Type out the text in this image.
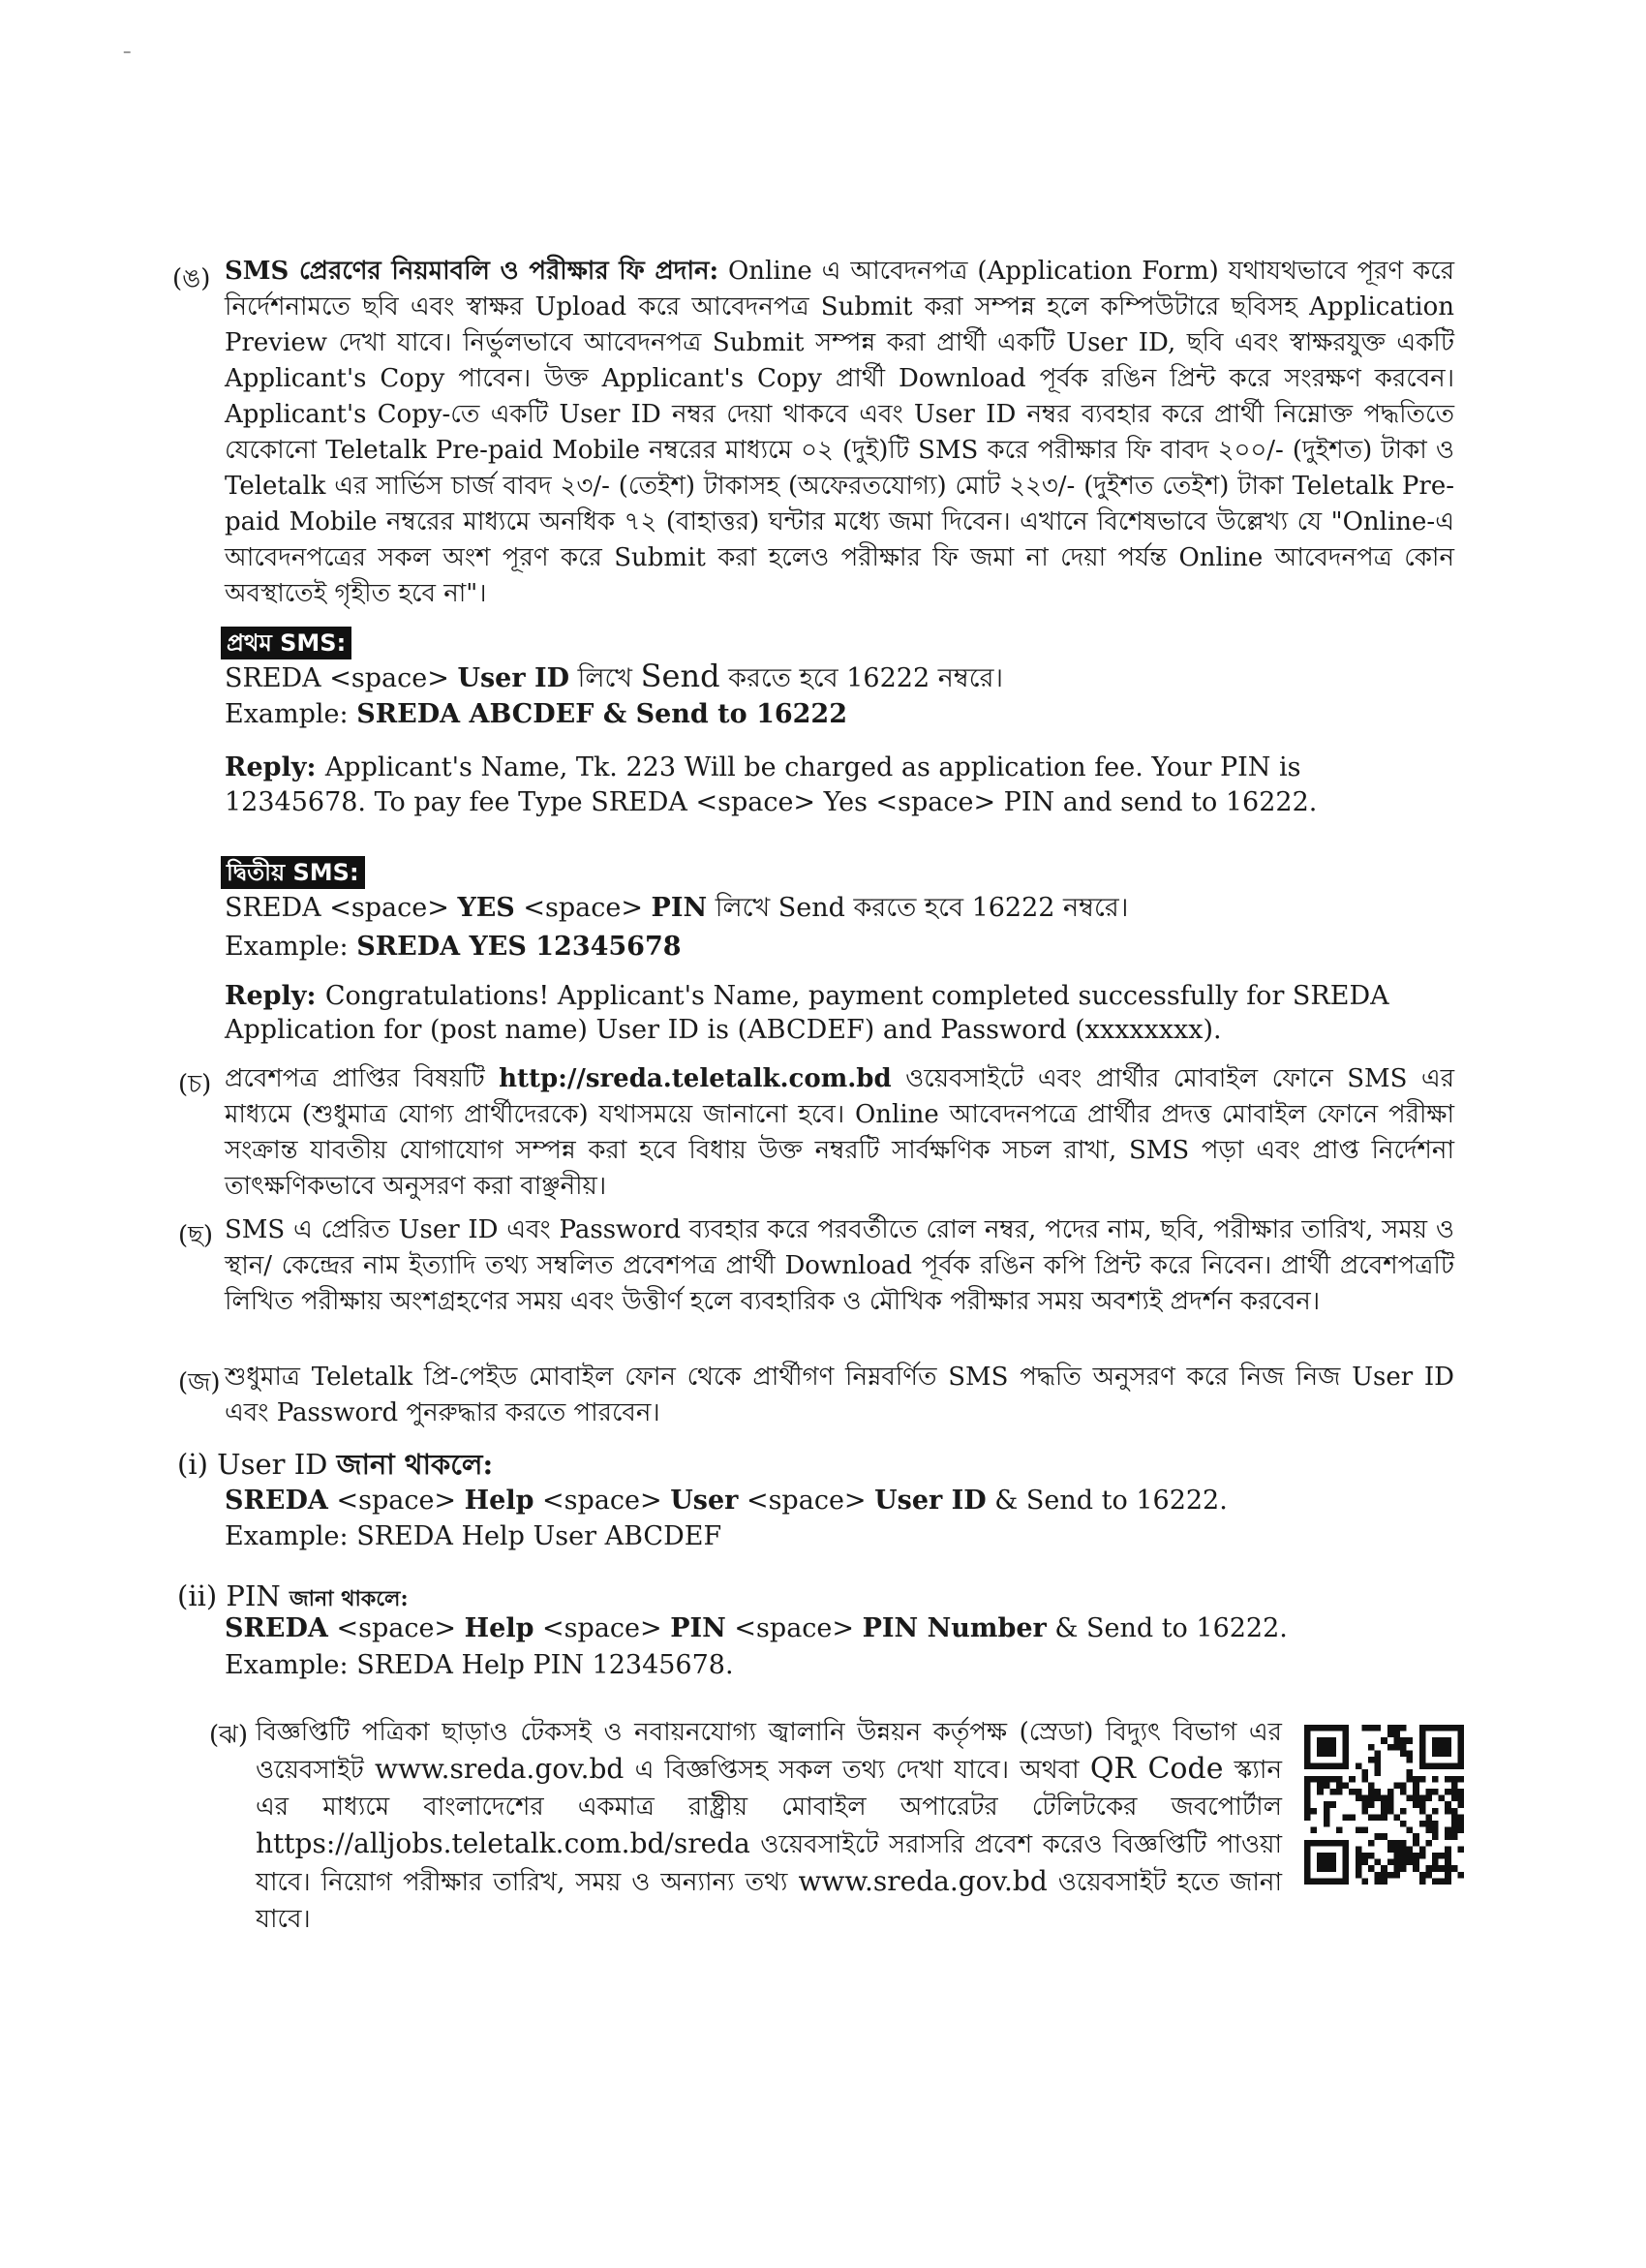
ـ
(ঙ) SMS প্রেরণের নিয়মাবলি ও পরীক্ষার ফি প্রদান: Online এ আবেদনপত্র (Application Form) যথাযথভাবে পূরণ করে নির্দেশনামতে ছবি এবং স্বাক্ষর Upload করে আবেদনপত্র Submit করা সম্পন্ন হলে কম্পিউটারে ছবিসহ Application Preview দেখা যাবে। নির্ভুলভাবে আবেদনপত্র Submit সম্পন্ন করা প্রার্থী একটি User ID, ছবি এবং স্বাক্ষরযুক্ত একটি Applicant's Copy পাবেন। উক্ত Applicant's Copy প্রার্থী Download পূর্বক রঙিন প্রিন্ট করে সংরক্ষণ করবেন। Applicant's Copy-তে একটি User ID নম্বর দেয়া থাকবে এবং User ID নম্বর ব্যবহার করে প্রার্থী নিম্নোক্ত পদ্ধতিতে যেকোনো Teletalk Pre-paid Mobile নম্বরের মাধ্যমে ০২ (দুই)টি SMS করে পরীক্ষার ফি বাবদ ২০০/- (দুইশত) টাকা ও Teletalk এর সার্ভিস চার্জ বাবদ ২৩/- (তেইশ) টাকাসহ (অফেরতযোগ্য) মোট ২২৩/- (দুইশত তেইশ) টাকা Teletalk Pre-paid Mobile নম্বরের মাধ্যমে অনধিক ৭২ (বাহাত্তর) ঘন্টার মধ্যে জমা দিবেন। এখানে বিশেষভাবে উল্লেখ্য যে "Online-এ আবেদনপত্রের সকল অংশ পূরণ করে Submit করা হলেও পরীক্ষার ফি জমা না দেয়া পর্যন্ত Online আবেদনপত্র কোন অবস্থাতেই গৃহীত হবে না"।
প্রথম SMS:
SREDA <space> User ID লিখে Send করতে হবে 16222 নম্বরে।
Example: SREDA ABCDEF & Send to 16222
Reply: Applicant's Name, Tk. 223 Will be charged as application fee. Your PIN is
12345678. To pay fee Type SREDA <space> Yes <space> PIN and send to 16222.
দ্বিতীয় SMS:
SREDA <space> YES <space> PIN লিখে Send করতে হবে 16222 নম্বরে।
Example: SREDA YES 12345678
Reply: Congratulations! Applicant's Name, payment completed successfully for SREDA
Application for (post name) User ID is (ABCDEF) and Password (xxxxxxxx).
(চ) প্রবেশপত্র প্রাপ্তির বিষয়টি http://sreda.teletalk.com.bd ওয়েবসাইটে এবং প্রার্থীর মোবাইল ফোনে SMS এর মাধ্যমে (শুধুমাত্র যোগ্য প্রার্থীদেরকে) যথাসময়ে জানানো হবে। Online আবেদনপত্রে প্রার্থীর প্রদত্ত মোবাইল ফোনে পরীক্ষা সংক্রান্ত যাবতীয় যোগাযোগ সম্পন্ন করা হবে বিধায় উক্ত নম্বরটি সার্বক্ষণিক সচল রাখা, SMS পড়া এবং প্রাপ্ত নির্দেশনা তাৎক্ষণিকভাবে অনুসরণ করা বাঞ্ছনীয়।
(ছ) SMS এ প্রেরিত User ID এবং Password ব্যবহার করে পরবর্তীতে রোল নম্বর, পদের নাম, ছবি, পরীক্ষার তারিখ, সময় ও স্থান/ কেন্দ্রের নাম ইত্যাদি তথ্য সম্বলিত প্রবেশপত্র প্রার্থী Download পূর্বক রঙিন কপি প্রিন্ট করে নিবেন। প্রার্থী প্রবেশপত্রটি লিখিত পরীক্ষায় অংশগ্রহণের সময় এবং উত্তীর্ণ হলে ব্যবহারিক ও মৌখিক পরীক্ষার সময় অবশ্যই প্রদর্শন করবেন।
(জ) শুধুমাত্র Teletalk প্রি-পেইড মোবাইল ফোন থেকে প্রার্থীগণ নিম্নবর্ণিত SMS পদ্ধতি অনুসরণ করে নিজ নিজ User ID এবং Password পুনরুদ্ধার করতে পারবেন।
(i) User ID জানা থাকলে:
SREDA <space> Help <space> User <space> User ID & Send to 16222.
Example: SREDA Help User ABCDEF
(ii) PIN জানা থাকলে:
SREDA <space> Help <space> PIN <space> PIN Number & Send to 16222.
Example: SREDA Help PIN 12345678.
(ঝ) বিজ্ঞপ্তিটি পত্রিকা ছাড়াও টেকসই ও নবায়নযোগ্য জ্বালানি উন্নয়ন কর্তৃপক্ষ (স্রেডা) বিদ্যুৎ বিভাগ এর ওয়েবসাইট www.sreda.gov.bd এ বিজ্ঞপ্তিসহ সকল তথ্য দেখা যাবে। অথবা QR Code স্ক্যান এর মাধ্যমে বাংলাদেশের একমাত্র রাষ্ট্রীয় মোবাইল অপারেটর টেলিটকের জবপোর্টাল https://alljobs.teletalk.com.bd/sreda ওয়েবসাইটে সরাসরি প্রবেশ করেও বিজ্ঞপ্তিটি পাওয়া যাবে। নিয়োগ পরীক্ষার তারিখ, সময় ও অন্যান্য তথ্য www.sreda.gov.bd ওয়েবসাইট হতে জানা যাবে।
